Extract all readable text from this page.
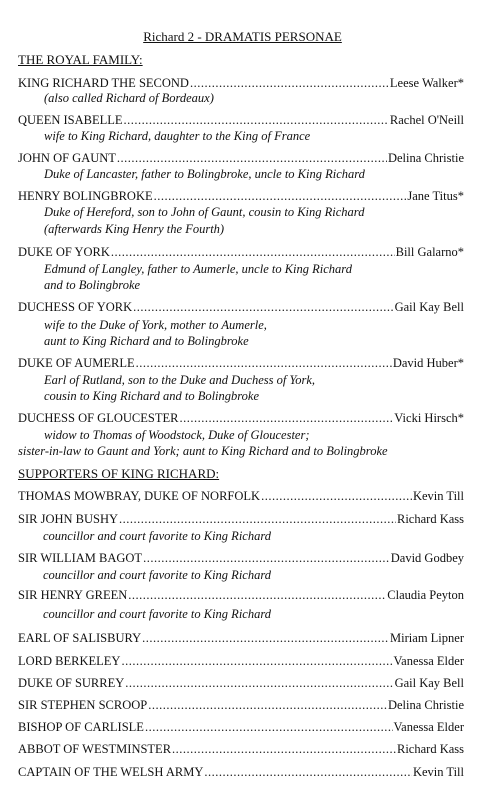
Richard 2 - DRAMATIS PERSONAE
THE ROYAL FAMILY:
KING RICHARD THE SECOND .....	Leese Walker*
(also called Richard of Bordeaux)
QUEEN ISABELLE .....	Rachel O'Neill
wife to King Richard, daughter to the King of France
JOHN OF GAUNT .....	Delina Christie
Duke of Lancaster, father to Bolingbroke, uncle to King Richard
HENRY BOLINGBROKE .....	Jane Titus*
Duke of Hereford, son to John of Gaunt, cousin to King Richard
(afterwards King Henry the Fourth)
DUKE OF YORK .....	Bill Galarno*
Edmund of Langley, father to Aumerle, uncle to King Richard
and to Bolingbroke
DUCHESS OF YORK .....	Gail Kay Bell
wife to the Duke of York, mother to Aumerle,
aunt to King Richard and to Bolingbroke
DUKE OF AUMERLE .....	David Huber*
Earl of Rutland, son to the Duke and Duchess of York,
cousin to King Richard and to Bolingbroke
DUCHESS OF GLOUCESTER .....	Vicki Hirsch*
widow to Thomas of Woodstock, Duke of Gloucester;
sister-in-law to Gaunt and York; aunt to King Richard and to Bolingbroke
SUPPORTERS OF KING RICHARD:
THOMAS MOWBRAY, DUKE OF NORFOLK .....	Kevin Till
SIR JOHN BUSHY .....	Richard Kass
councillor and court favorite to King Richard
SIR WILLIAM BAGOT .....	David Godbey
councillor and court favorite to King Richard
SIR HENRY GREEN .....	Claudia Peyton
councillor and court favorite to King Richard
EARL OF SALISBURY .....	Miriam Lipner
LORD BERKELEY .....	Vanessa Elder
DUKE OF SURREY .....	Gail Kay Bell
SIR STEPHEN SCROOP .....	Delina Christie
BISHOP OF CARLISLE .....	Vanessa Elder
ABBOT OF WESTMINSTER .....	Richard Kass
CAPTAIN OF THE WELSH ARMY .....	Kevin Till
